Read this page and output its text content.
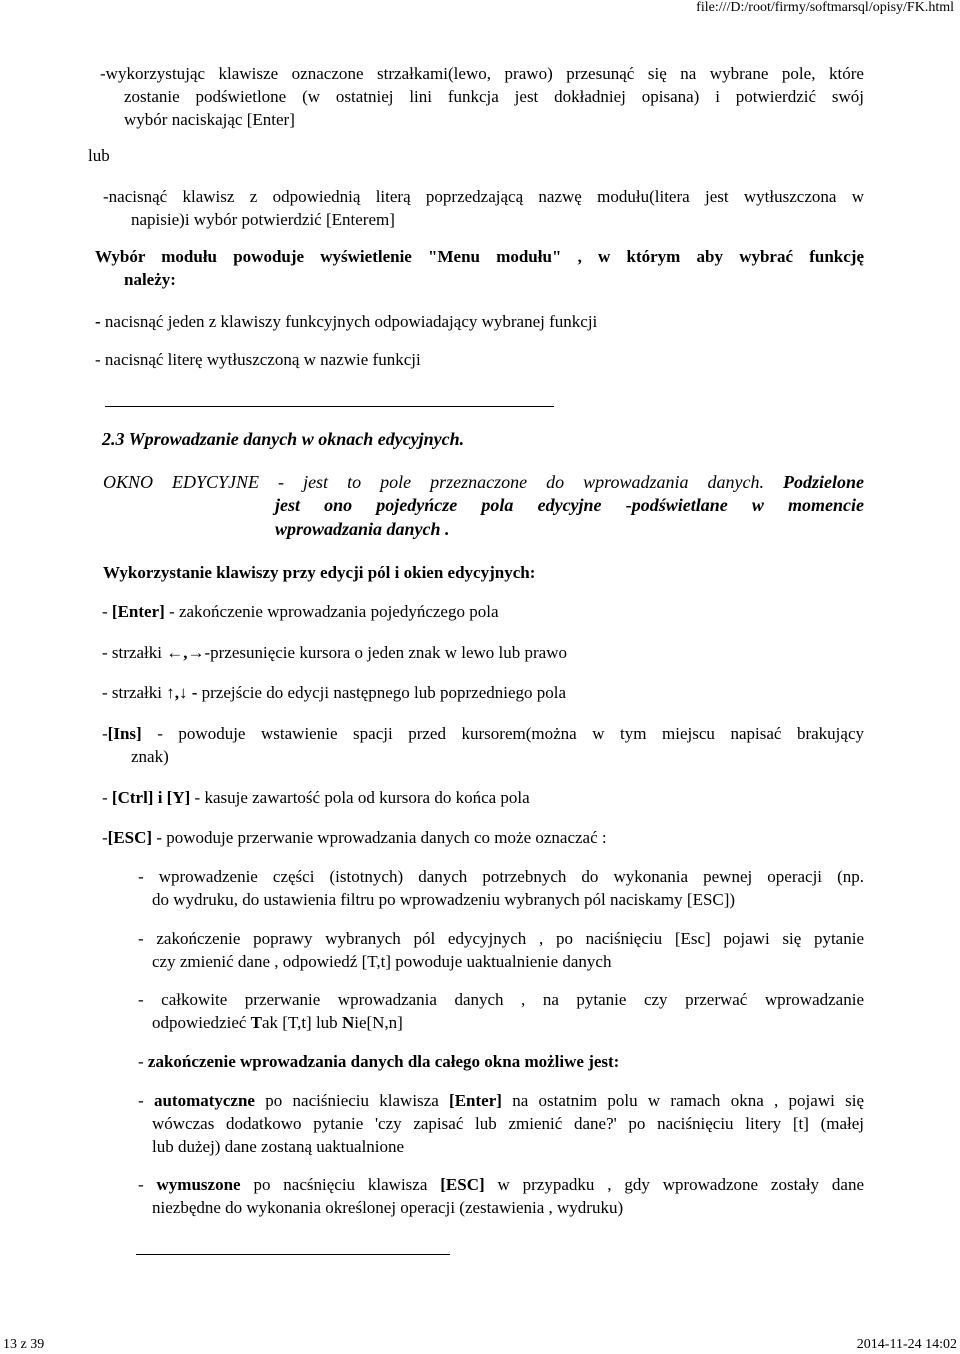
file:///D:/root/firmy/softmarsql/opisy/FK.html
-wykorzystując klawisze oznaczone strzałkami(lewo, prawo) przesunąć się na wybrane pole, które
zostanie podświetlone (w ostatniej lini funkcja jest dokładniej opisana) i potwierdzić swój
wybór naciskając [Enter]
lub
-nacisnąć klawisz z odpowiednią literą poprzedzającą nazwę modułu(litera jest wytłuszczona w
napisie)i wybór potwierdzić [Enterem]
Wybór modułu powoduje wyświetlenie "Menu modułu" , w którym aby wybrać funkcję
należy:
- nacisnąć jeden z klawiszy funkcyjnych odpowiadający wybranej funkcji
- nacisnąć literę wytłuszczoną w nazwie funkcji
2.3 Wprowadzanie danych w oknach edycyjnych.
OKNO EDYCYJNE - jest to pole przeznaczone do wprowadzania danych. Podzielone
jest ono pojedyńcze pola edycyjne -podświetlane w momencie
wprowadzania danych .
Wykorzystanie klawiszy przy edycji pól i okien edycyjnych:
- [Enter] - zakończenie wprowadzania pojedyńczego pola
- strzałki ←,→-przesunięcie kursora o jeden znak w lewo lub prawo
- strzałki ↑,↓ - przejście do edycji następnego lub poprzedniego pola
-[Ins] - powoduje wstawienie spacji przed kursorem(można w tym miejscu napisać brakujący
znak)
- [Ctrl] i [Y] - kasuje zawartość pola od kursora do końca pola
-[ESC] - powoduje przerwanie wprowadzania danych co może oznaczać :
- wprowadzenie części (istotnych) danych potrzebnych do wykonania pewnej operacji (np.
do wydruku, do ustawienia filtru po wprowadzeniu wybranych pól naciskamy [ESC])
- zakończenie poprawy wybranych pól edycyjnych , po naciśnięciu [Esc] pojawi się pytanie
czy zmienić dane , odpowiedź [T,t] powoduje uaktualnienie danych
- całkowite przerwanie wprowadzania danych , na pytanie czy przerwać wprowadzanie
odpowiedzieć Tak [T,t] lub Nie[N,n]
- zakończenie wprowadzania danych dla całego okna możliwe jest:
- automatyczne po naciśnieciu klawisza [Enter] na ostatnim polu w ramach okna , pojawi się
wówczas dodatkowo pytanie 'czy zapisać lub zmienić dane?' po naciśnięciu litery [t] (małej
lub dużej) dane zostaną uaktualnione
- wymuszone po nacśnięciu klawisza [ESC] w przypadku , gdy wprowadzone zostały dane
niezbędne do wykonania określonej operacji (zestawienia , wydruku)
13 z 39	2014-11-24 14:02
